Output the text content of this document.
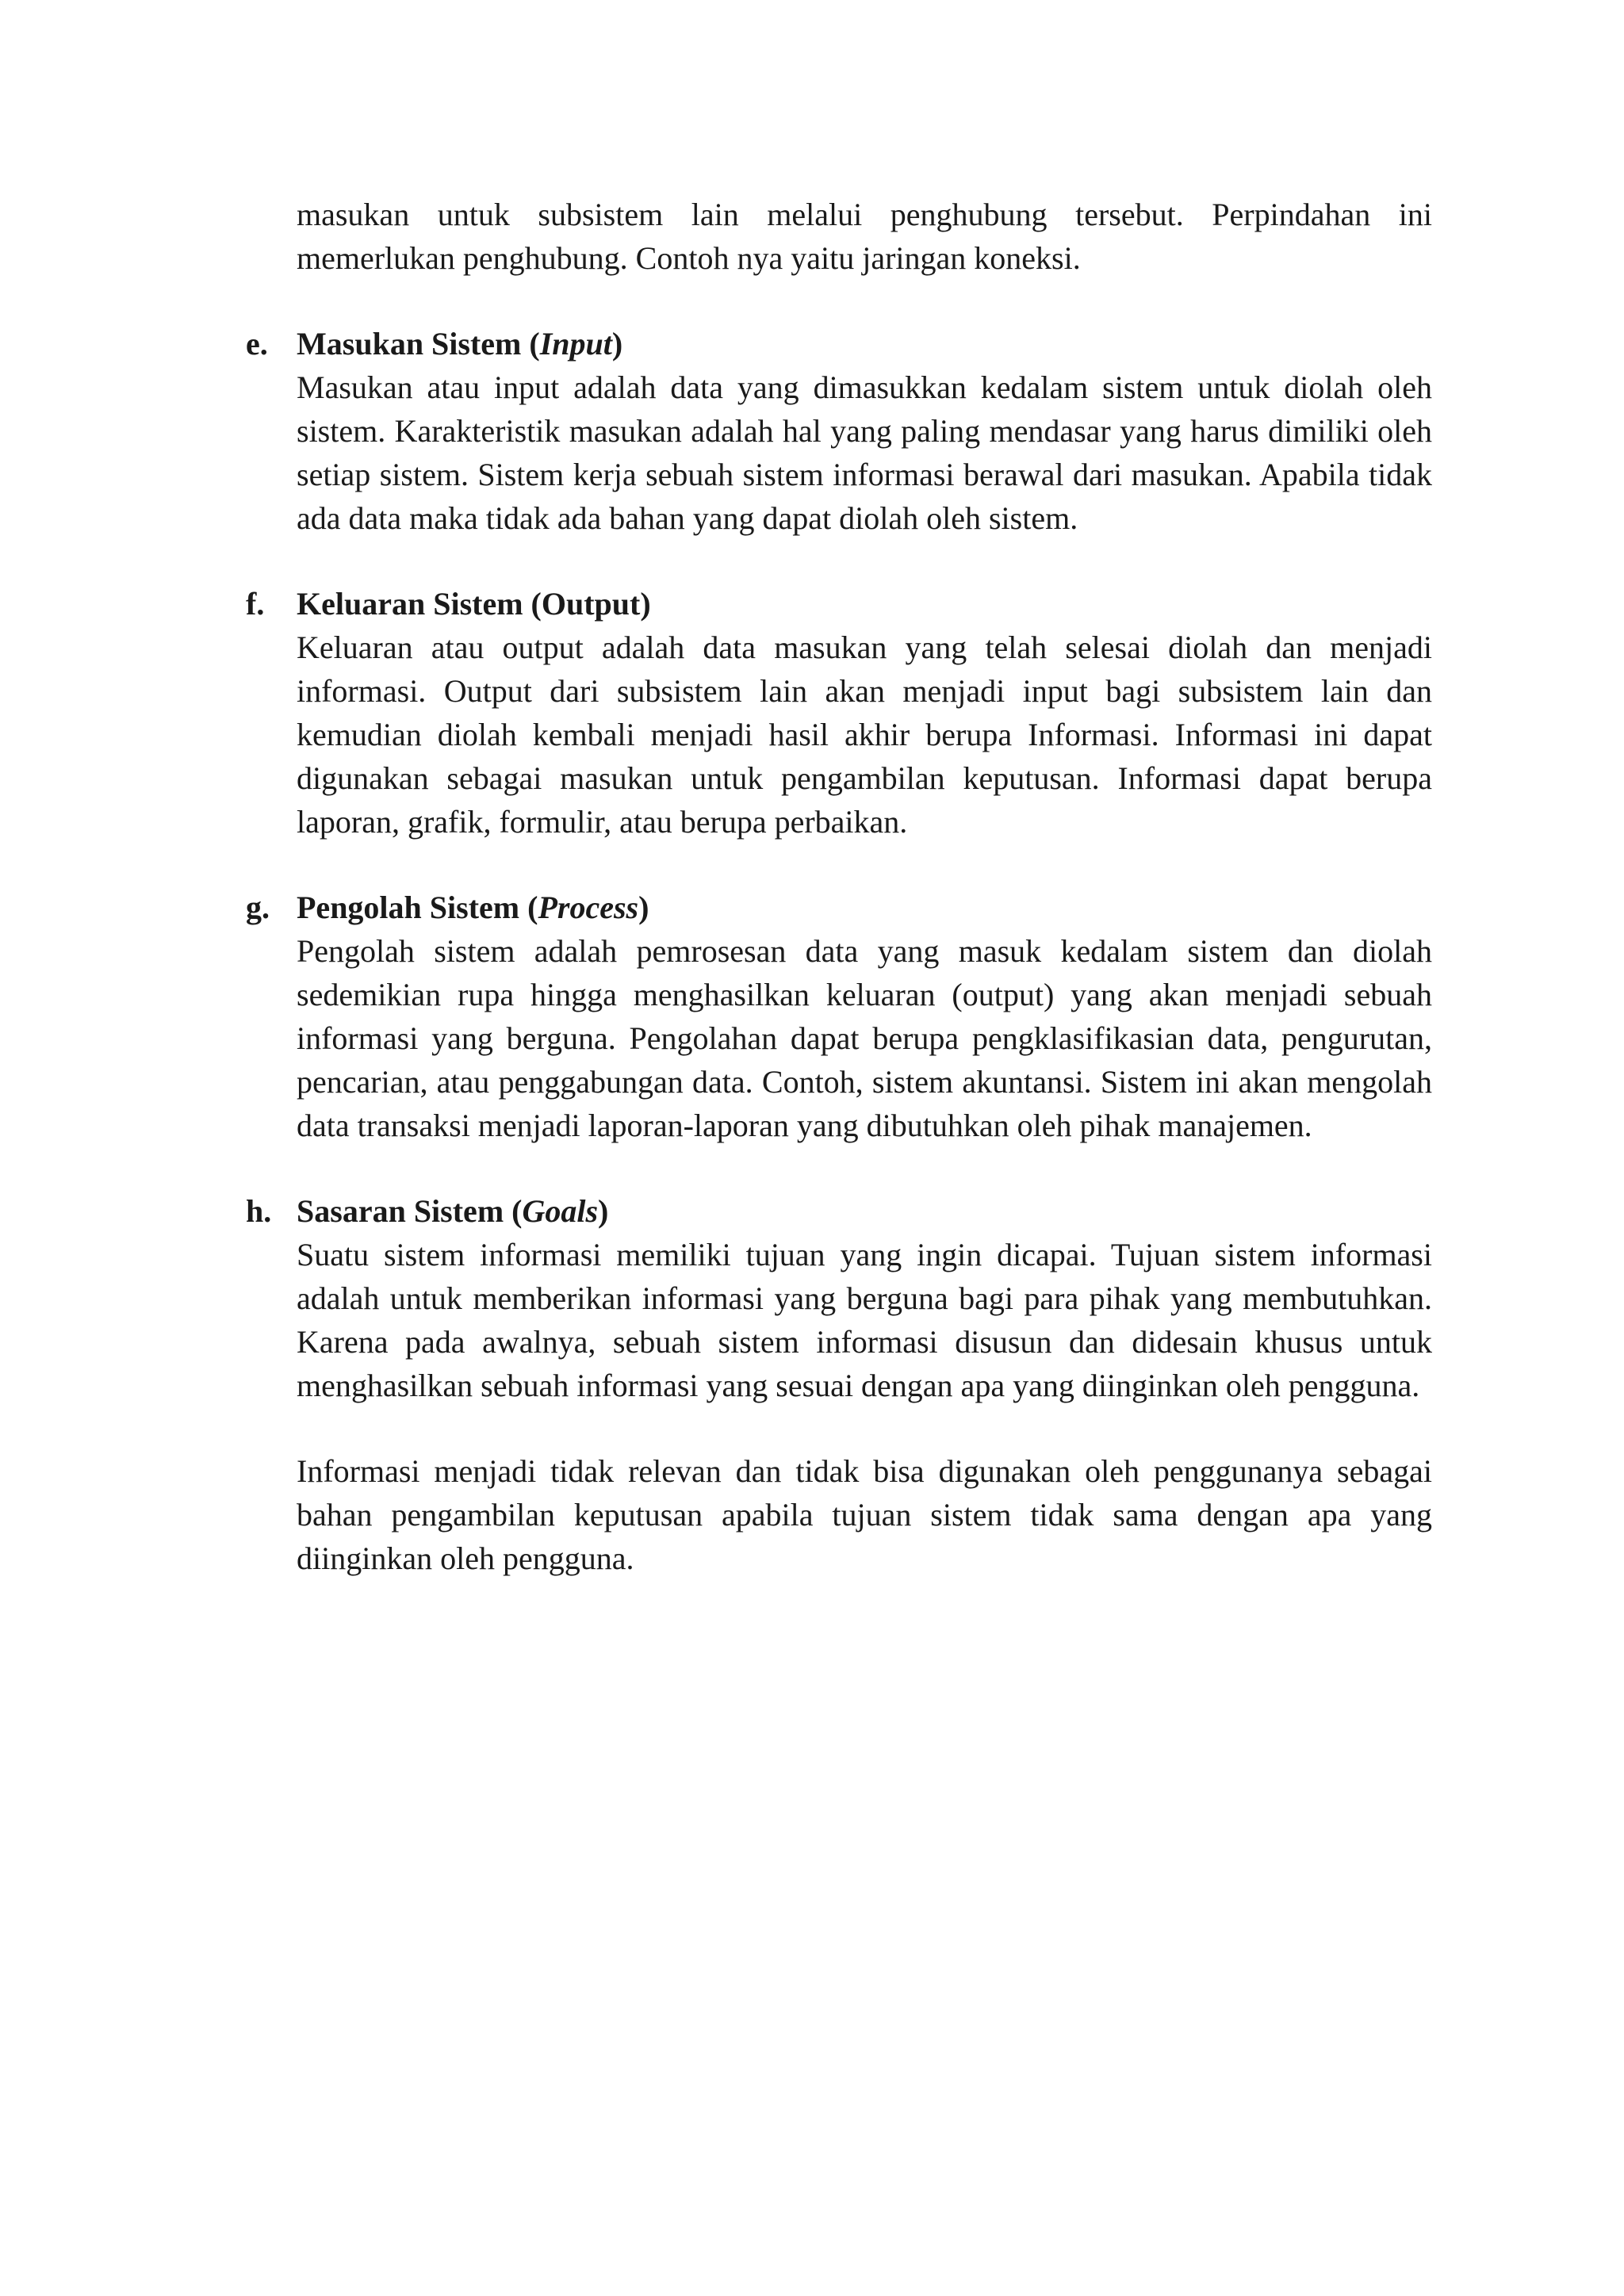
masukan untuk subsistem lain melalui penghubung tersebut. Perpindahan ini memerlukan penghubung. Contoh nya yaitu jaringan koneksi.

e. Masukan Sistem (Input)

Masukan atau input adalah data yang dimasukkan kedalam sistem untuk diolah oleh sistem. Karakteristik masukan adalah hal yang paling mendasar yang harus dimiliki oleh setiap sistem. Sistem kerja sebuah sistem informasi berawal dari masukan. Apabila tidak ada data maka tidak ada bahan yang dapat diolah oleh sistem.

f. Keluaran Sistem (Output)

Keluaran atau output adalah data masukan yang telah selesai diolah dan menjadi informasi. Output dari subsistem lain akan menjadi input bagi subsistem lain dan kemudian diolah kembali menjadi hasil akhir berupa Informasi. Informasi ini dapat digunakan sebagai masukan untuk pengambilan keputusan. Informasi dapat berupa laporan, grafik, formulir, atau berupa perbaikan.

g. Pengolah Sistem (Process)

Pengolah sistem adalah pemrosesan data yang masuk kedalam sistem dan diolah sedemikian rupa hingga menghasilkan keluaran (output) yang akan menjadi sebuah informasi yang berguna. Pengolahan dapat berupa pengklasifikasian data, pengurutan, pencarian, atau penggabungan data. Contoh, sistem akuntansi. Sistem ini akan mengolah data transaksi menjadi laporan-laporan yang dibutuhkan oleh pihak manajemen.

h. Sasaran Sistem (Goals)

Suatu sistem informasi memiliki tujuan yang ingin dicapai. Tujuan sistem informasi adalah untuk memberikan informasi yang berguna bagi para pihak yang membutuhkan. Karena pada awalnya, sebuah sistem informasi disusun dan didesain khusus untuk menghasilkan sebuah informasi yang sesuai dengan apa yang diinginkan oleh pengguna.

Informasi menjadi tidak relevan dan tidak bisa digunakan oleh penggunanya sebagai bahan pengambilan keputusan apabila tujuan sistem tidak sama dengan apa yang diinginkan oleh pengguna.
